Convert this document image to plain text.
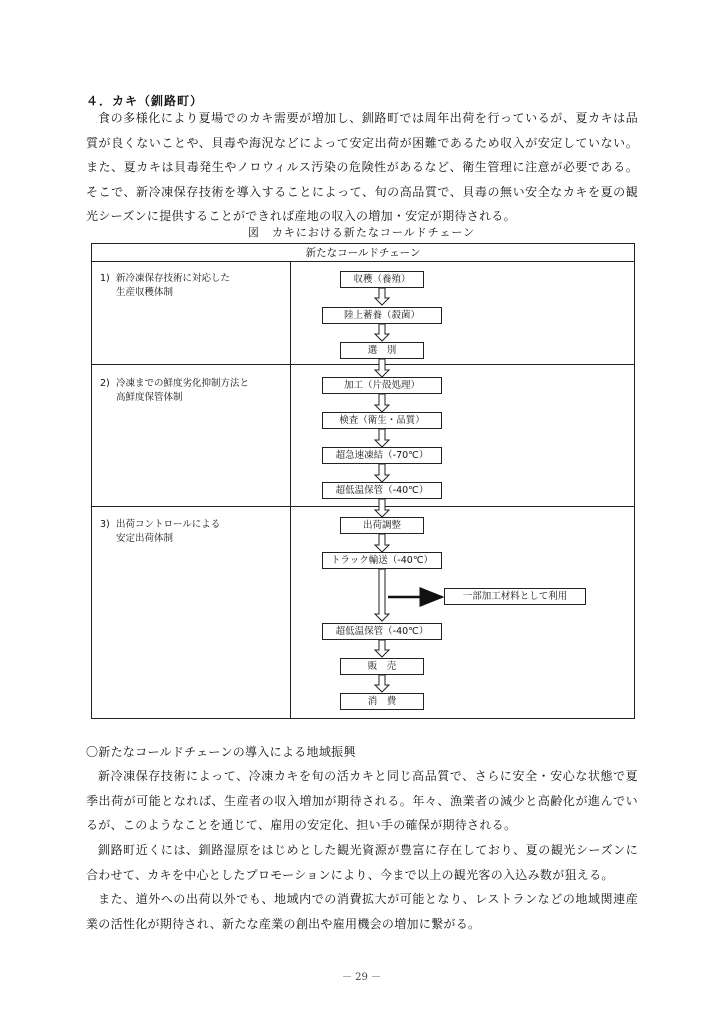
４．カキ（釧路町）
食の多様化により夏場でのカキ需要が増加し、釧路町では周年出荷を行っているが、夏カキは品質が良くないことや、貝毒や海況などによって安定出荷が困難であるため収入が安定していない。また、夏カキは貝毒発生やノロウィルス汚染の危険性があるなど、衛生管理に注意が必要である。そこで、新冷凍保存技術を導入することによって、旬の高品質で、貝毒の無い安全なカキを夏の観光シーズンに提供することができれば産地の収入の増加・安定が期待される。
図　カキにおける新たなコールドチェーン
新たなコールドチェーン
1) 新冷凍保存技術に対応した
生産収穫体制
2) 冷凍までの鮮度劣化抑制方法と
高鮮度保管体制
3) 出荷コントロールによる
安定出荷体制
収穫（養殖）
陸上蓄養（殺菌）
選　別
加工（片殻処理）
検査（衛生・品質）
超急速凍結（-70℃）
超低温保管（-40℃）
出荷調整
トラック輸送（-40℃）
一部加工材料として利用
超低温保管（-40℃）
販　売
消　費
〇新たなコールドチェーンの導入による地域振興
新冷凍保存技術によって、冷凍カキを旬の活カキと同じ高品質で、さらに安全・安心な状態で夏季出荷が可能となれば、生産者の収入増加が期待される。年々、漁業者の減少と高齢化が進んでいるが、このようなことを通じて、雇用の安定化、担い手の確保が期待される。
釧路町近くには、釧路湿原をはじめとした観光資源が豊富に存在しており、夏の観光シーズンに合わせて、カキを中心としたプロモーションにより、今まで以上の観光客の入込み数が狙える。
また、道外への出荷以外でも、地域内での消費拡大が可能となり、レストランなどの地域関連産業の活性化が期待され、新たな産業の創出や雇用機会の増加に繋がる。
－ 29 －
